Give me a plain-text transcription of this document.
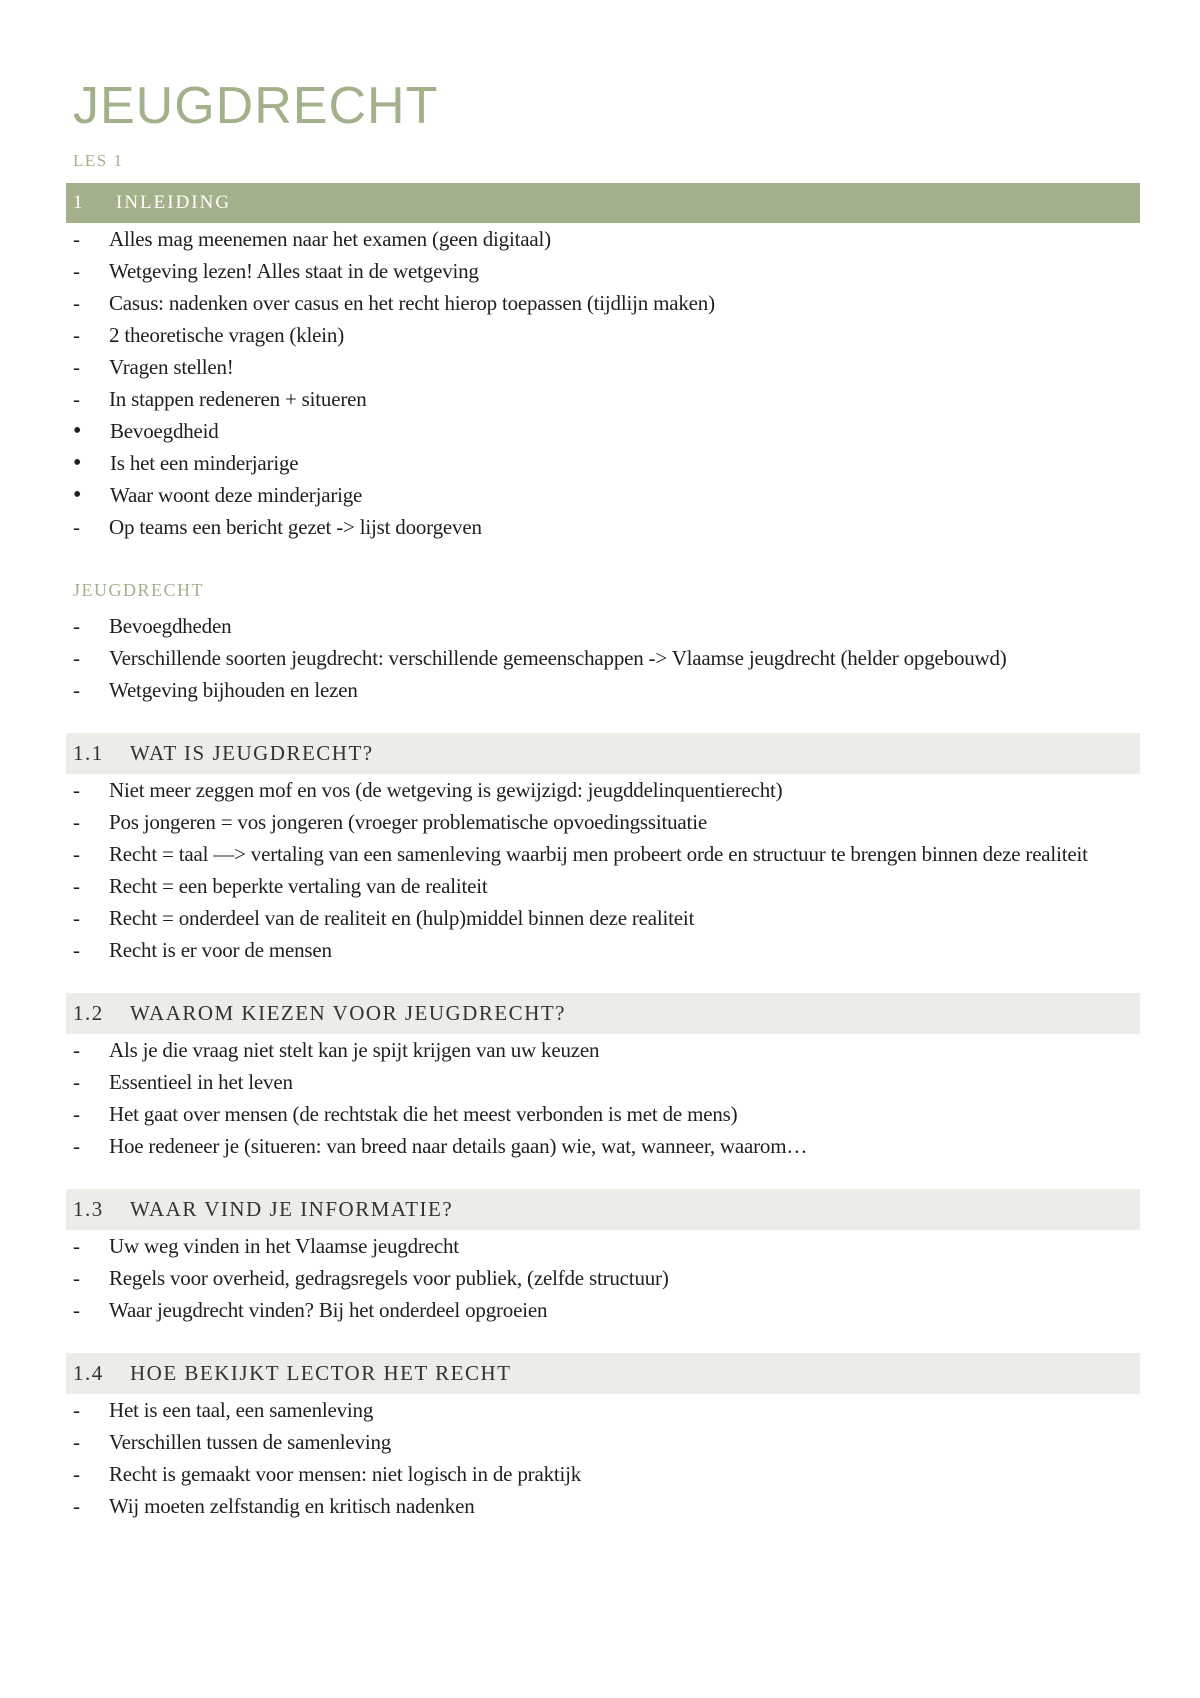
JEUGDRECHT
LES 1
1 INLEIDING
- Alles mag meenemen naar het examen (geen digitaal)
- Wetgeving lezen! Alles staat in de wetgeving
- Casus: nadenken over casus en het recht hierop toepassen (tijdlijn maken)
- 2 theoretische vragen (klein)
- Vragen stellen!
- In stappen redeneren + situeren
• Bevoegdheid
• Is het een minderjarige
• Waar woont deze minderjarige
- Op teams een bericht gezet -> lijst doorgeven
JEUGDRECHT
- Bevoegdheden
- Verschillende soorten jeugdrecht: verschillende gemeenschappen -> Vlaamse jeugdrecht (helder opgebouwd)
- Wetgeving bijhouden en lezen
1.1 WAT IS JEUGDRECHT?
- Niet meer zeggen mof en vos (de wetgeving is gewijzigd: jeugddelinquentierecht)
- Pos jongeren = vos jongeren (vroeger problematische opvoedingssituatie
- Recht = taal —> vertaling van een samenleving waarbij men probeert orde en structuur te brengen binnen deze realiteit
- Recht = een beperkte vertaling van de realiteit
- Recht = onderdeel van de realiteit en (hulp)middel binnen deze realiteit
- Recht is er voor de mensen
1.2 WAAROM KIEZEN VOOR JEUGDRECHT?
- Als je die vraag niet stelt kan je spijt krijgen van uw keuzen
- Essentieel in het leven
- Het gaat over mensen (de rechtstak die het meest verbonden is met de mens)
- Hoe redeneer je (situeren: van breed naar details gaan) wie, wat, wanneer, waarom…
1.3 WAAR VIND JE INFORMATIE?
- Uw weg vinden in het Vlaamse jeugdrecht
- Regels voor overheid, gedragsregels voor publiek, (zelfde structuur)
- Waar jeugdrecht vinden? Bij het onderdeel opgroeien
1.4 HOE BEKIJKT LECTOR HET RECHT
- Het is een taal, een samenleving
- Verschillen tussen de samenleving
- Recht is gemaakt voor mensen: niet logisch in de praktijk
- Wij moeten zelfstandig en kritisch nadenken
